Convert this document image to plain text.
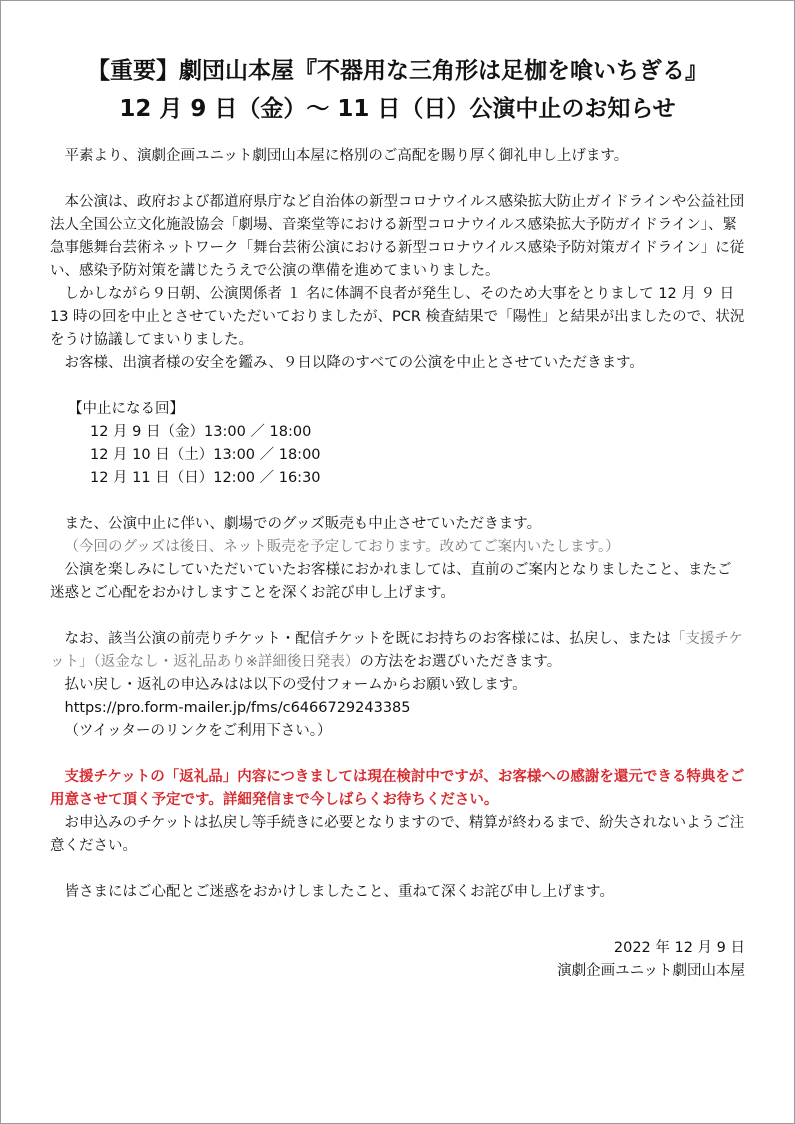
【重要】劇団山本屋『不器用な三角形は足枷を喰いちぎる』
12 月 9 日（金）～ 11 日（日）公演中止のお知らせ

平素より、演劇企画ユニット劇団山本屋に格別のご高配を賜り厚く御礼申し上げます。

本公演は、政府および都道府県庁など自治体の新型コロナウイルス感染拡大防止ガイドラインや公益社団法人全国公立文化施設協会「劇場、音楽堂等における新型コロナウイルス感染拡大予防ガイドライン」、緊急事態舞台芸術ネットワーク「舞台芸術公演における新型コロナウイルス感染予防対策ガイドライン」に従い、感染予防対策を講じたうえで公演の準備を進めてまいりました。

しかしながら９日朝、公演関係者 １ 名に体調不良者が発生し、そのため大事をとりまして 12 月 ９ 日 13 時の回を中止とさせていただいておりましたが、PCR 検査結果で「陽性」と結果が出ましたので、状況をうけ協議してまいりました。

お客様、出演者様の安全を鑑み、９日以降のすべての公演を中止とさせていただきます。

【中止になる回】

12 月 9 日（金）13:00 ／ 18:00

12 月 10 日（土）13:00 ／ 18:00

12 月 11 日（日）12:00 ／ 16:30

また、公演中止に伴い、劇場でのグッズ販売も中止させていただきます。

（今回のグッズは後日、ネット販売を予定しております。改めてご案内いたします。）

公演を楽しみにしていただいていたお客様におかれましては、直前のご案内となりましたこと、またご迷惑とご心配をおかけしますことを深くお詫び申し上げます。

なお、該当公演の前売りチケット・配信チケットを既にお持ちのお客様には、払戻し、または「支援チケット」（返金なし・返礼品あり※詳細後日発表）の方法をお選びいただきます。

払い戻し・返礼の申込みはは以下の受付フォームからお願い致します。

https://pro.form-mailer.jp/fms/c6466729243385

（ツイッターのリンクをご利用下さい。）

支援チケットの「返礼品」内容につきましては現在検討中ですが、お客様への感謝を還元できる特典をご用意させて頂く予定です。詳細発信まで今しばらくお待ちください。

お申込みのチケットは払戻し等手続きに必要となりますので、精算が終わるまで、紛失されないようご注意ください。

皆さまにはご心配とご迷惑をおかけしましたこと、重ねて深くお詫び申し上げます。

2022 年 12 月 9 日

演劇企画ユニット劇団山本屋
